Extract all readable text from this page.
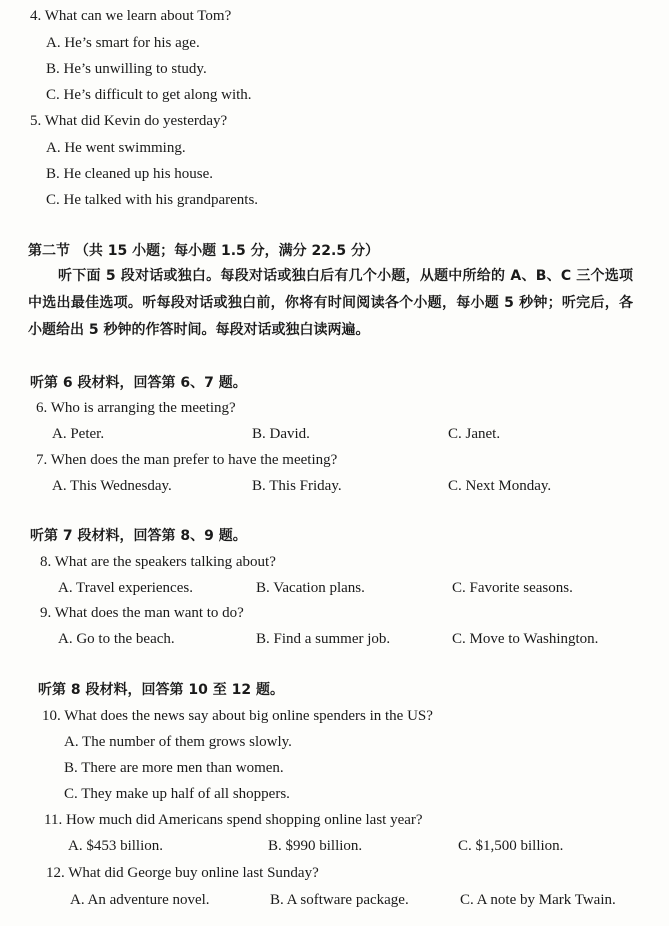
4. What can we learn about Tom?
A. He’s smart for his age.
B. He’s unwilling to study.
C. He’s difficult to get along with.
5. What did Kevin do yesterday?
A. He went swimming.
B. He cleaned up his house.
C. He talked with his grandparents.
第二节 （共 15 小题；每小题 1.5 分，满分 22.5 分）
听下面 5 段对话或独白。每段对话或独白后有几个小题，从题中所给的 A、B、C 三个选项中选出最佳选项。听每段对话或独白前，你将有时间阅读各个小题，每小题 5 秒钟；听完后，各小题给出 5 秒钟的作答时间。每段对话或独白读两遍。
听第 6 段材料，回答第 6、7 题。
6. Who is arranging the meeting?
A. Peter.	B. David.	C. Janet.
7. When does the man prefer to have the meeting?
A. This Wednesday.	B. This Friday.	C. Next Monday.
听第 7 段材料，回答第 8、9 题。
8. What are the speakers talking about?
A. Travel experiences.	B. Vacation plans.	C. Favorite seasons.
9. What does the man want to do?
A. Go to the beach.	B. Find a summer job.	C. Move to Washington.
听第 8 段材料，回答第 10 至 12 题。
10. What does the news say about big online spenders in the US?
A. The number of them grows slowly.
B. There are more men than women.
C. They make up half of all shoppers.
11. How much did Americans spend shopping online last year?
A. $453 billion.	B. $990 billion.	C. $1,500 billion.
12. What did George buy online last Sunday?
A. An adventure novel.	B. A software package.	C. A note by Mark Twain.
